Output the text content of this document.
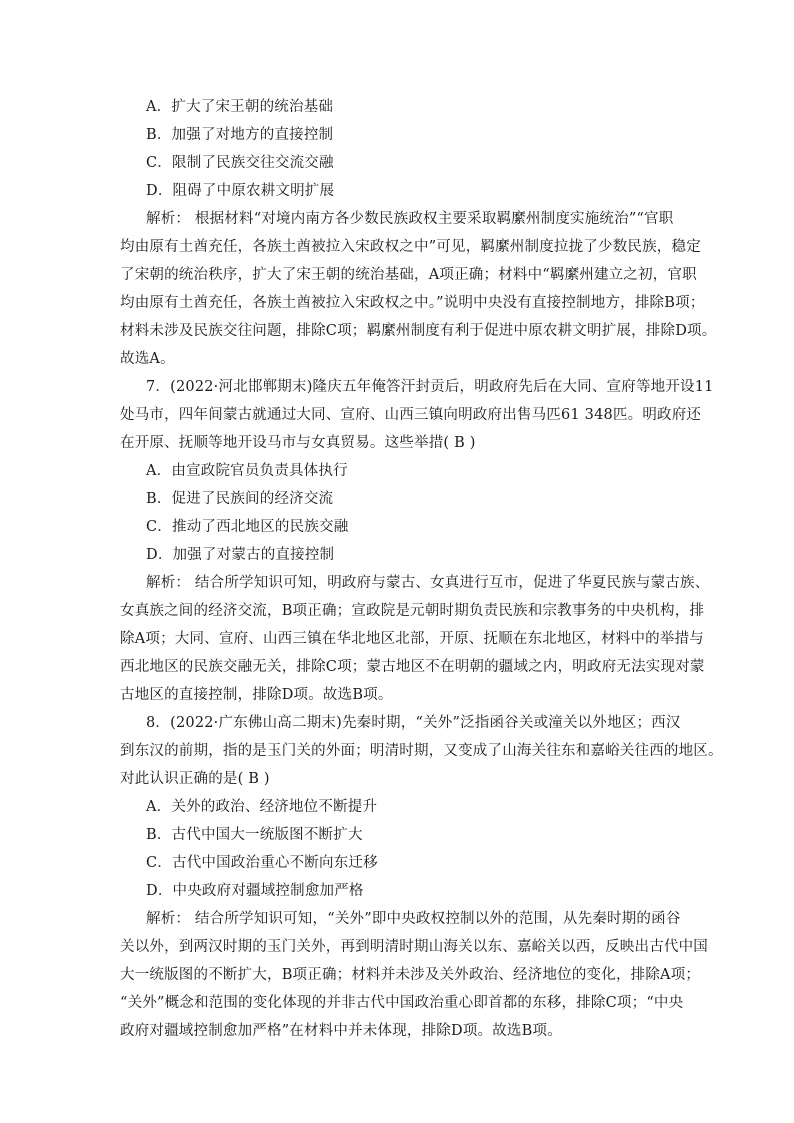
A．扩大了宋王朝的统治基础
B．加强了对地方的直接控制
C．限制了民族交往交流交融
D．阻碍了中原农耕文明扩展
解析： 根据材料“对境内南方各少数民族政权主要采取羁縻州制度实施统治”“官职
均由原有土酋充任，各族土酋被拉入宋政权之中”可见，羁縻州制度拉拢了少数民族，稳定
了宋朝的统治秩序，扩大了宋王朝的统治基础，A项正确；材料中“羁縻州建立之初，官职
均由原有土酋充任，各族土酋被拉入宋政权之中。”说明中央没有直接控制地方，排除B项；
材料未涉及民族交往问题，排除C项；羁縻州制度有利于促进中原农耕文明扩展，排除D项。
故选A。
7．(2022·河北邯郸期末)隆庆五年俺答汗封贡后，明政府先后在大同、宣府等地开设11
处马市，四年间蒙古就通过大同、宣府、山西三镇向明政府出售马匹61 348匹。明政府还
在开原、抚顺等地开设马市与女真贸易。这些举措( B )
A．由宣政院官员负责具体执行
B．促进了民族间的经济交流
C．推动了西北地区的民族交融
D．加强了对蒙古的直接控制
解析： 结合所学知识可知，明政府与蒙古、女真进行互市，促进了华夏民族与蒙古族、
女真族之间的经济交流，B项正确；宣政院是元朝时期负责民族和宗教事务的中央机构，排
除A项；大同、宣府、山西三镇在华北地区北部，开原、抚顺在东北地区，材料中的举措与
西北地区的民族交融无关，排除C项；蒙古地区不在明朝的疆域之内，明政府无法实现对蒙
古地区的直接控制，排除D项。故选B项。
8．(2022·广东佛山高二期末)先秦时期，“关外”泛指函谷关或潼关以外地区；西汉
到东汉的前期，指的是玉门关的外面；明清时期，又变成了山海关往东和嘉峪关往西的地区。
对此认识正确的是( B )
A．关外的政治、经济地位不断提升
B．古代中国大一统版图不断扩大
C．古代中国政治重心不断向东迁移
D．中央政府对疆域控制愈加严格
解析： 结合所学知识可知，“关外”即中央政权控制以外的范围，从先秦时期的函谷
关以外，到两汉时期的玉门关外，再到明清时期山海关以东、嘉峪关以西，反映出古代中国
大一统版图的不断扩大，B项正确；材料并未涉及关外政治、经济地位的变化，排除A项；
“关外”概念和范围的变化体现的并非古代中国政治重心即首都的东移，排除C项；“中央
政府对疆域控制愈加严格”在材料中并未体现，排除D项。故选B项。
